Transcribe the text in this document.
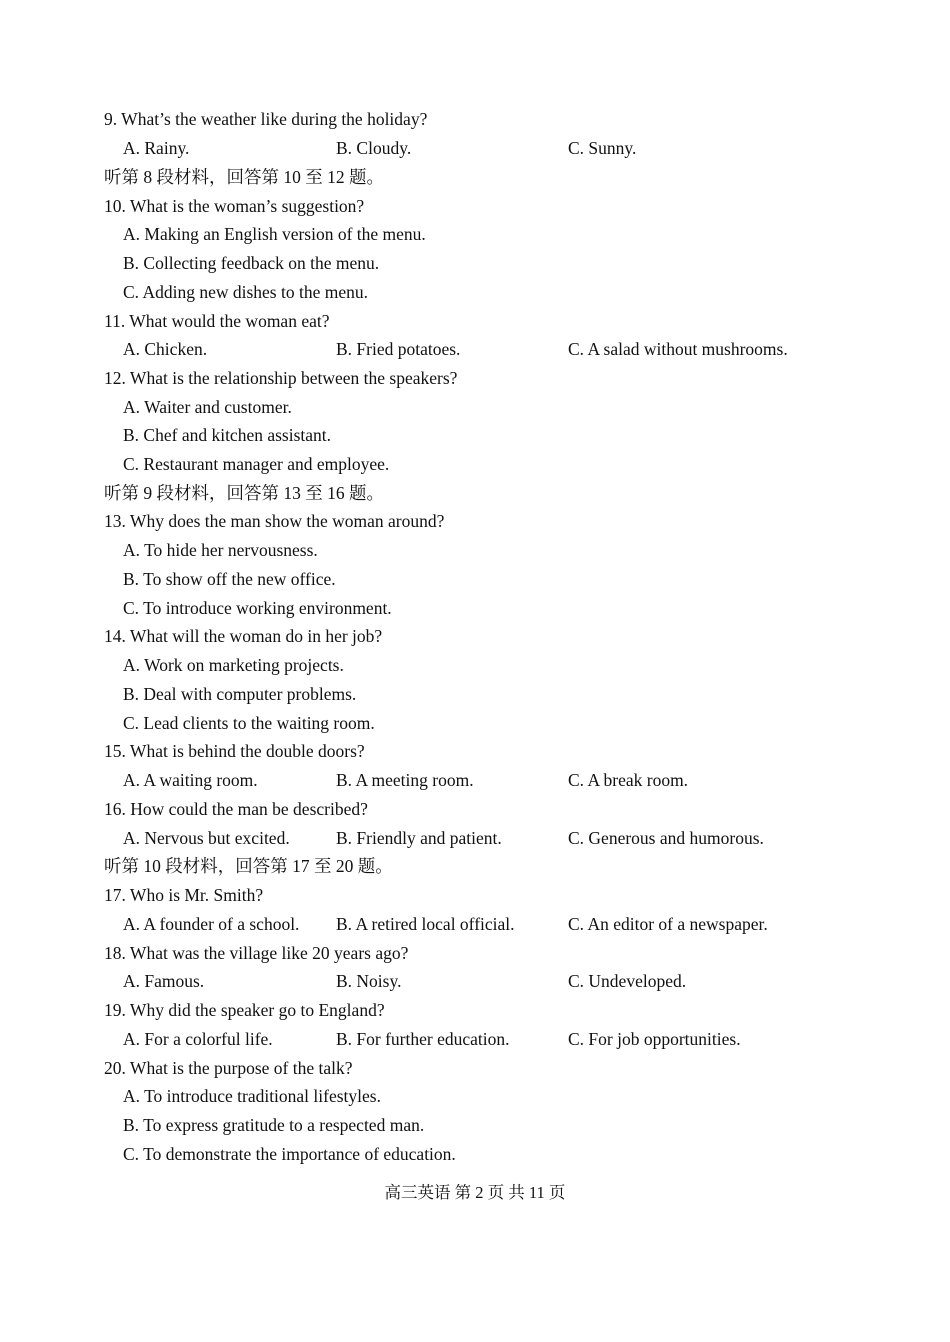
9. What’s the weather like during the holiday?
A. Rainy.	B. Cloudy.	C. Sunny.
听第 8 段材料，回答第 10 至 12 题。
10. What is the woman’s suggestion?
A. Making an English version of the menu.
B. Collecting feedback on the menu.
C. Adding new dishes to the menu.
11. What would the woman eat?
A. Chicken.	B. Fried potatoes.	C. A salad without mushrooms.
12. What is the relationship between the speakers?
A. Waiter and customer.
B. Chef and kitchen assistant.
C. Restaurant manager and employee.
听第 9 段材料，回答第 13 至 16 题。
13. Why does the man show the woman around?
A. To hide her nervousness.
B. To show off the new office.
C. To introduce working environment.
14. What will the woman do in her job?
A. Work on marketing projects.
B. Deal with computer problems.
C. Lead clients to the waiting room.
15. What is behind the double doors?
A. A waiting room.	B. A meeting room.	C. A break room.
16. How could the man be described?
A. Nervous but excited.	B. Friendly and patient.	C. Generous and humorous.
听第 10 段材料，回答第 17 至 20 题。
17. Who is Mr. Smith?
A. A founder of a school. B. A retired local official.	C. An editor of a newspaper.
18. What was the village like 20 years ago?
A. Famous.	B. Noisy.	C. Undeveloped.
19. Why did the speaker go to England?
A. For a colorful life.	B. For further education.	C. For job opportunities.
20. What is the purpose of the talk?
A. To introduce traditional lifestyles.
B. To express gratitude to a respected man.
C. To demonstrate the importance of education.
高三英语 第 2 页 共 11 页
